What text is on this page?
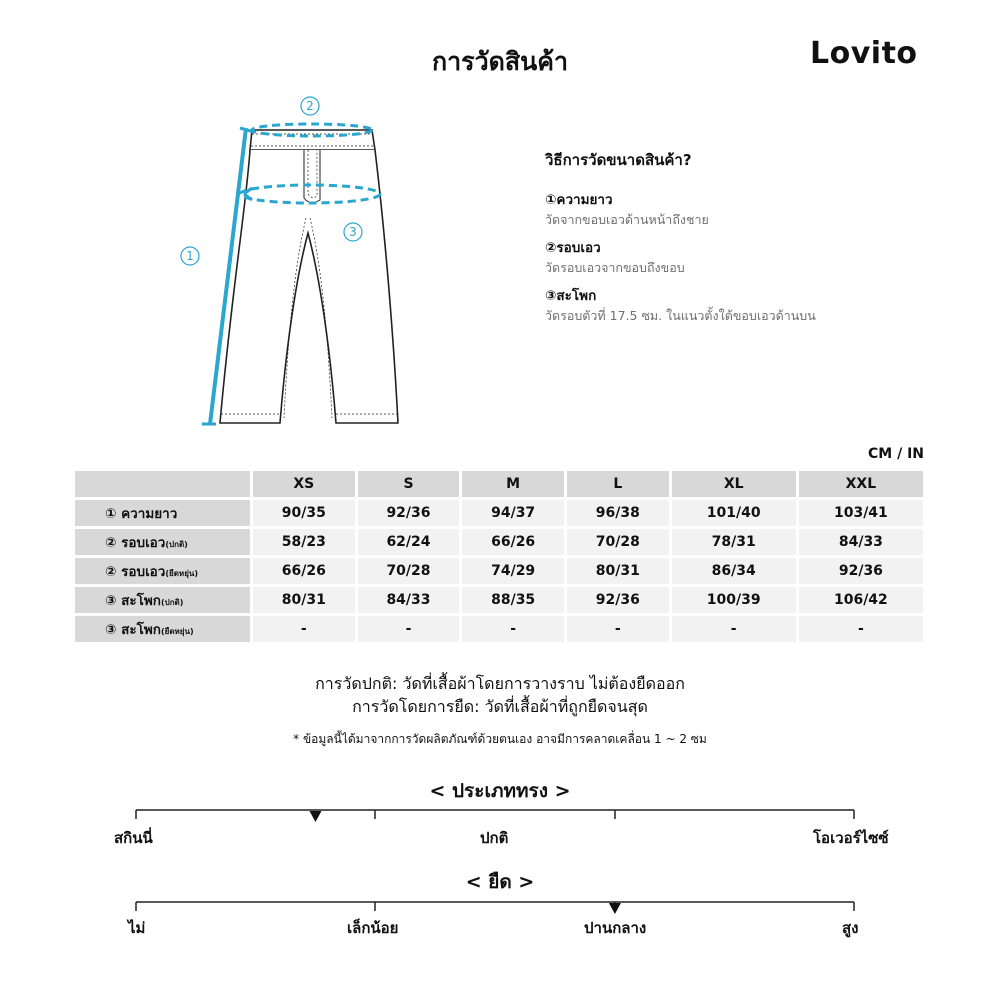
การวัดสินค้า	Lovito
2
3
1
วิธีการวัดขนาดสินค้า?
①ความยาว
วัดจากขอบเอวด้านหน้าถึงชาย
②รอบเอว
วัดรอบเอวจากขอบถึงขอบ
③สะโพก
วัดรอบตัวที่ 17.5 ซม. ในแนวตั้งใต้ขอบเอวด้านบน
CM / IN
	XS	S	M	L	XL	XXL
① ความยาว	90/35	92/36	94/37	96/38	101/40	103/41
② รอบเอว(ปกติ)	58/23	62/24	66/26	70/28	78/31	84/33
② รอบเอว(ยืดหยุ่น)	66/26	70/28	74/29	80/31	86/34	92/36
③ สะโพก(ปกติ)	80/31	84/33	88/35	92/36	100/39	106/42
③ สะโพก(ยืดหยุ่น)	-	-	-	-	-	-
การวัดปกติ: วัดที่เสื้อผ้าโดยการวางราบ ไม่ต้องยืดออก
การวัดโดยการยืด: วัดที่เสื้อผ้าที่ถูกยืดจนสุด
* ข้อมูลนี้ได้มาจากการวัดผลิตภัณฑ์ด้วยตนเอง อาจมีการคลาดเคลื่อน 1 ~ 2 ซม
< ประเภททรง >
สกินนี่	ปกติ	โอเวอร์ไซซ์
< ยืด >
ไม่	เล็กน้อย	ปานกลาง	สูง
